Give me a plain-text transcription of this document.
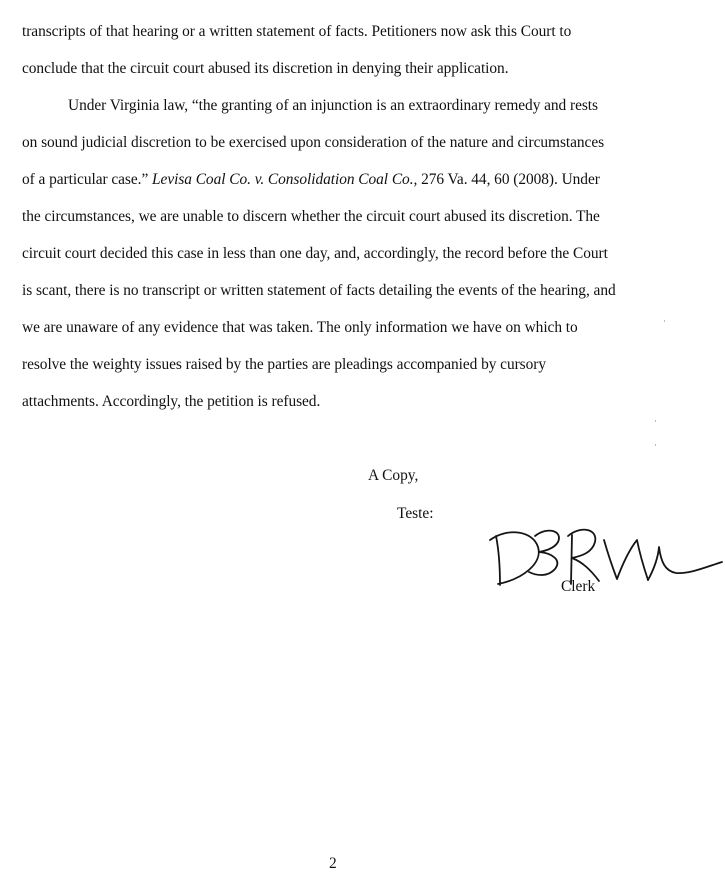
transcripts of that hearing or a written statement of facts. Petitioners now ask this Court to
conclude that the circuit court abused its discretion in denying their application.
Under Virginia law, “the granting of an injunction is an extraordinary remedy and rests
on sound judicial discretion to be exercised upon consideration of the nature and circumstances
of a particular case.” Levisa Coal Co. v. Consolidation Coal Co., 276 Va. 44, 60 (2008). Under
the circumstances, we are unable to discern whether the circuit court abused its discretion. The
circuit court decided this case in less than one day, and, accordingly, the record before the Court
is scant, there is no transcript or written statement of facts detailing the events of the hearing, and
we are unaware of any evidence that was taken. The only information we have on which to
resolve the weighty issues raised by the parties are pleadings accompanied by cursory
attachments. Accordingly, the petition is refused.
A Copy,
Teste:
Clerk
2
